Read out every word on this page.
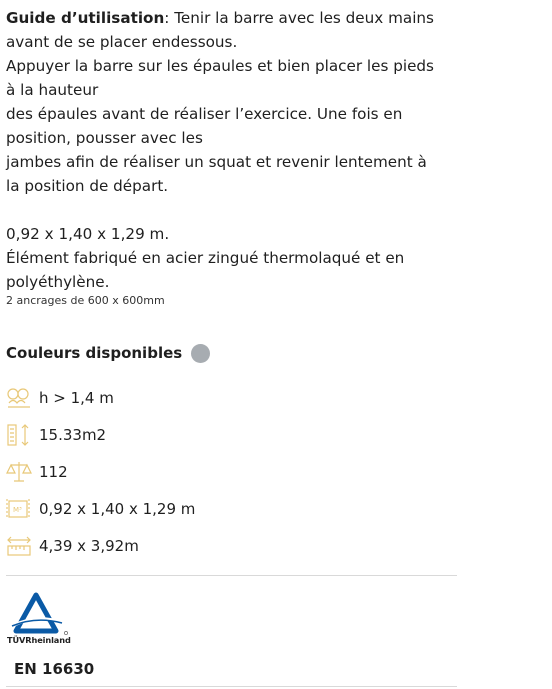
Guide d’utilisation: Tenir la barre avec les deux mains
avant de se placer endessous.
Appuyer la barre sur les épaules et bien placer les pieds
à la hauteur
des épaules avant de réaliser l’exercice. Une fois en
position, pousser avec les
jambes afin de réaliser un squat et revenir lentement à
la position de départ.
0,92 x 1,40 x 1,29 m.
Élément fabriqué en acier zingué thermolaqué et en
polyéthylène.
2 ancrages de 600 x 600mm
Couleurs disponibles
h > 1,4 m
15.33m2
112
M³ 0,92 x 1,40 x 1,29 m
4,39 x 3,92m
TÜVRheinland
EN 16630
